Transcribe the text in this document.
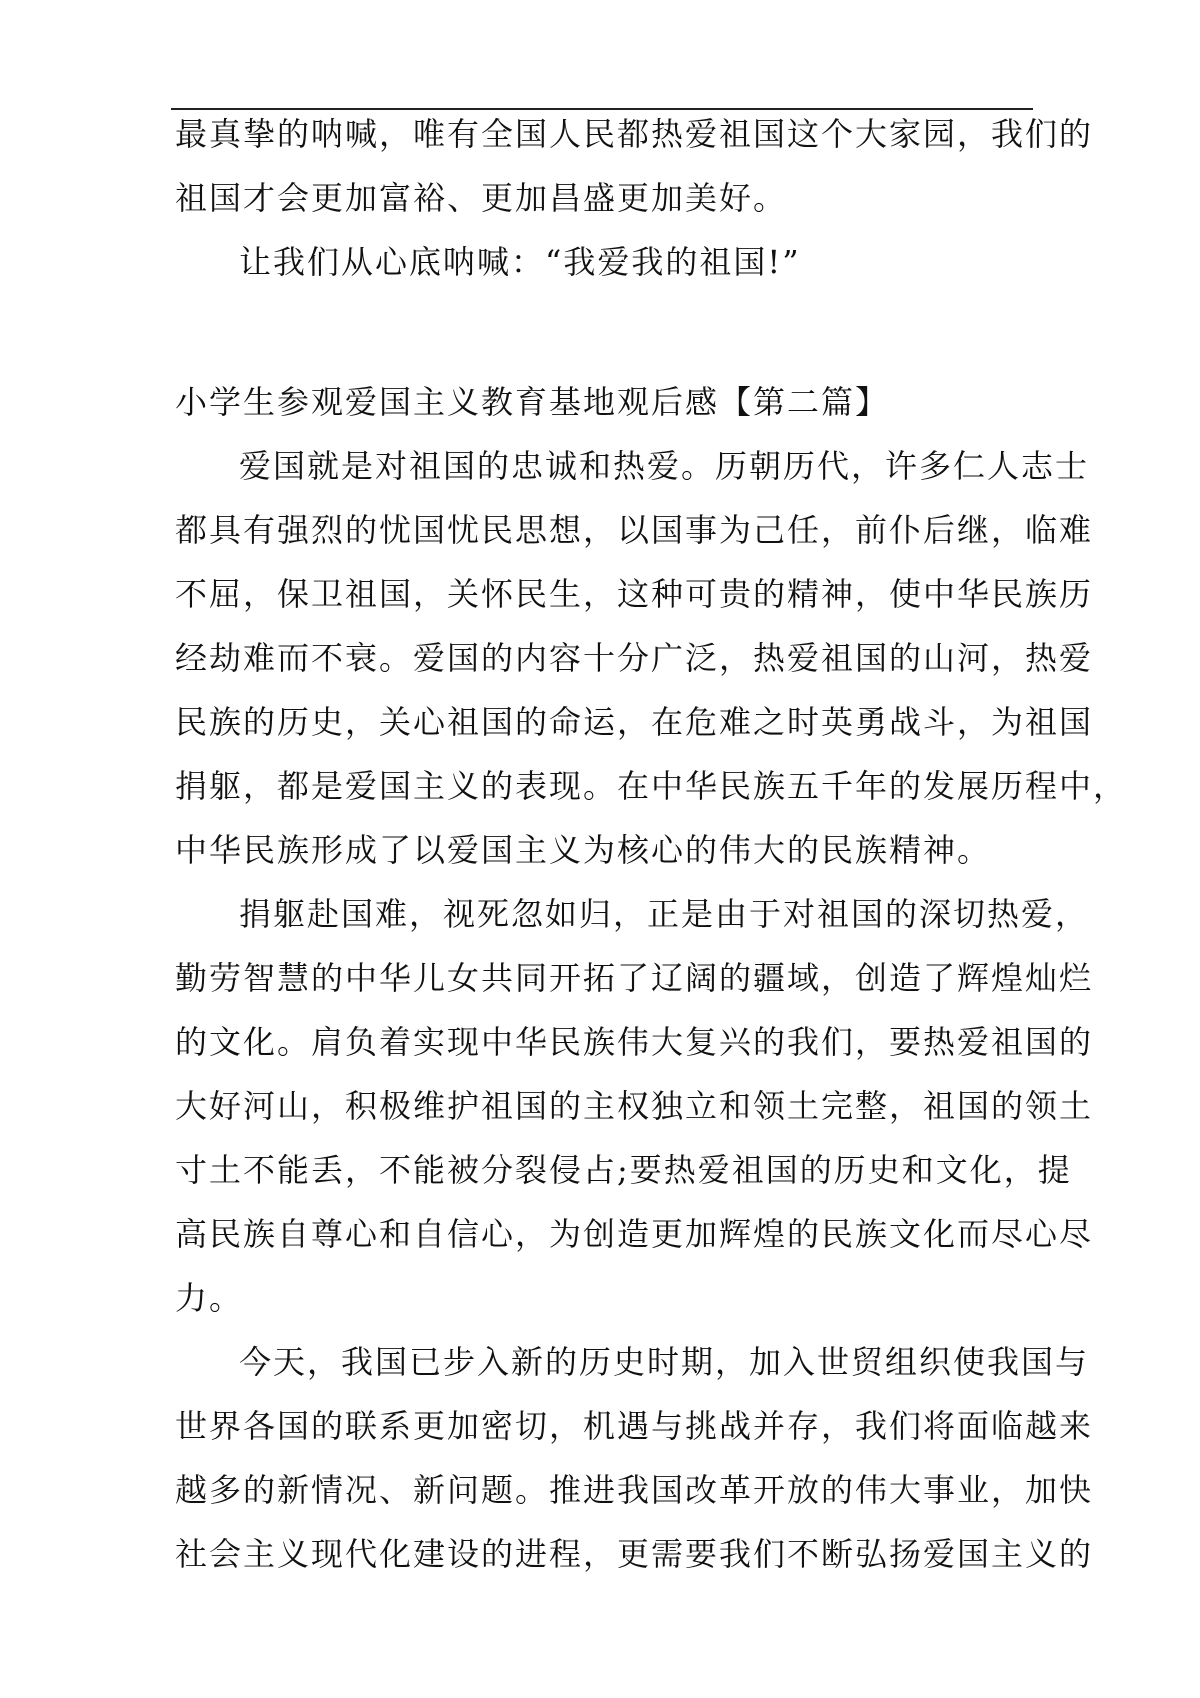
最真挚的呐喊，唯有全国人民都热爱祖国这个大家园，我们的
祖国才会更加富裕、更加昌盛更加美好。
让我们从心底呐喊：“我爱我的祖国!”
小学生参观爱国主义教育基地观后感【第二篇】
爱国就是对祖国的忠诚和热爱。历朝历代，许多仁人志士
都具有强烈的忧国忧民思想，以国事为己任，前仆后继，临难
不屈，保卫祖国，关怀民生，这种可贵的精神，使中华民族历
经劫难而不衰。爱国的内容十分广泛，热爱祖国的山河，热爱
民族的历史，关心祖国的命运，在危难之时英勇战斗，为祖国
捐躯，都是爱国主义的表现。在中华民族五千年的发展历程中，
中华民族形成了以爱国主义为核心的伟大的民族精神。
捐躯赴国难，视死忽如归，正是由于对祖国的深切热爱，
勤劳智慧的中华儿女共同开拓了辽阔的疆域，创造了辉煌灿烂
的文化。肩负着实现中华民族伟大复兴的我们，要热爱祖国的
大好河山，积极维护祖国的主权独立和领土完整，祖国的领土
寸土不能丢，不能被分裂侵占;要热爱祖国的历史和文化，提
高民族自尊心和自信心，为创造更加辉煌的民族文化而尽心尽
力。
今天，我国已步入新的历史时期，加入世贸组织使我国与
世界各国的联系更加密切，机遇与挑战并存，我们将面临越来
越多的新情况、新问题。推进我国改革开放的伟大事业，加快
社会主义现代化建设的进程，更需要我们不断弘扬爱国主义的
